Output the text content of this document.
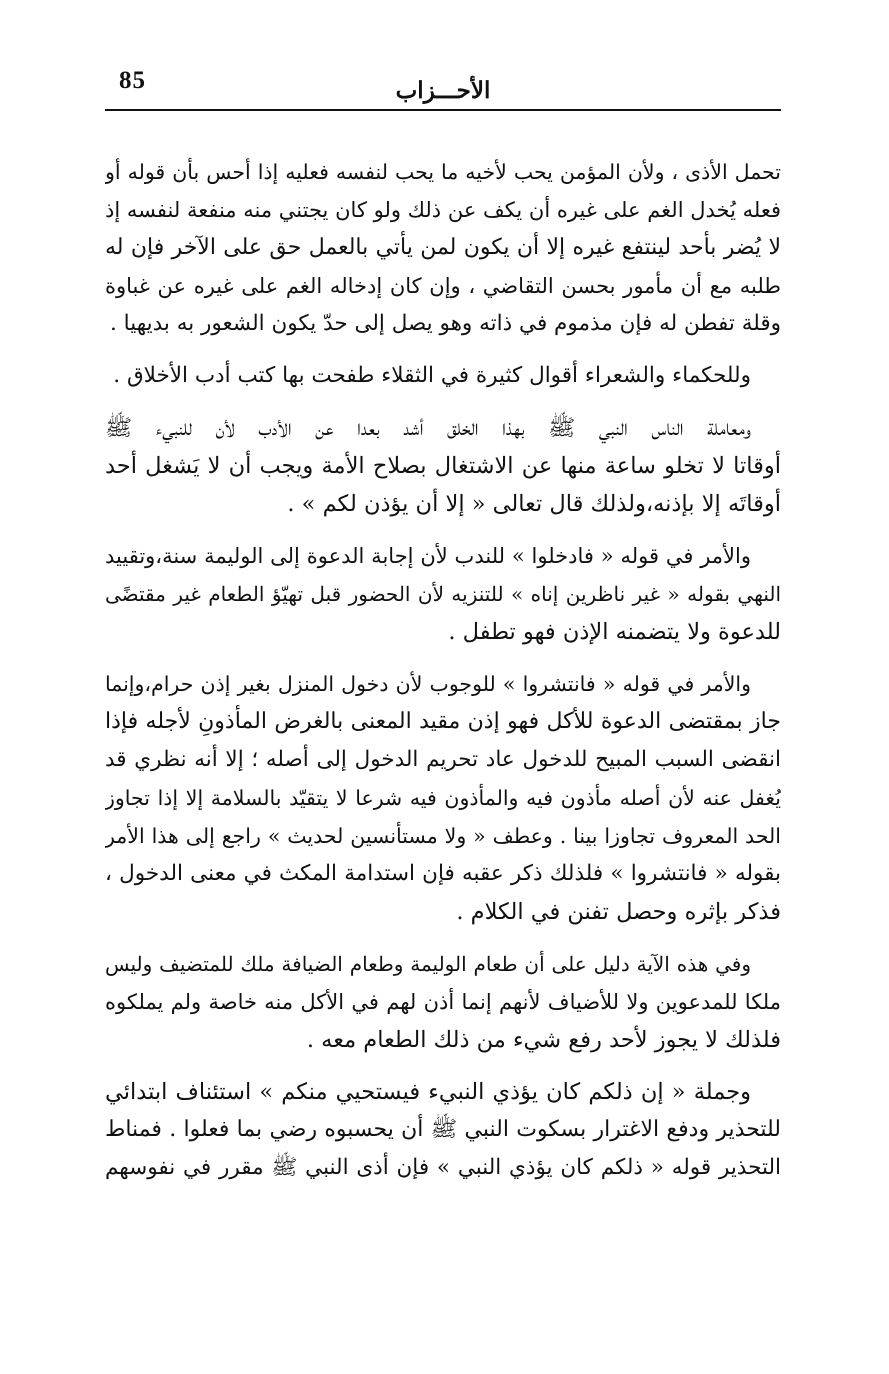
85	الأحـــزاب

تحمل الأذى ، ولأن المؤمن يحب لأخيه ما يحب لنفسه فعليه إذا أحس بأن قوله أو

فعله يُخدل الغم على غيره أن يكف عن ذلك ولو كان يجتني منه منفعة لنفسه إذ

لا يُضر بأحد لينتفع غيره إلا أن يكون لمن يأتي بالعمل حق على الآخر فإن له

طلبه مع أن مأمور بحسن التقاضي ، وإن كان إدخاله الغم على غيره عن غباوة

وقلة تفطن له فإن مذموم في ذاته وهو يصل إلى حدّ يكون الشعور به بديهيا .

وللحكماء والشعراء أقوال كثيرة في الثقلاء طفحت بها كتب أدب الأخلاق .

ومعاملة الناس النبي ﷺ بهذا الخلق أشد بعدا عن الأدب لأن للنبيء ﷺ

أوقاتا لا تخلو ساعة منها عن الاشتغال بصلاح الأمة ويجب أن لا يَشغل أحد

أوقاتَه إلا بإذنه،ولذلك قال تعالى « إلا أن يؤذن لكم » .

والأمر في قوله « فادخلوا » للندب لأن إجابة الدعوة إلى الوليمة سنة،وتقييد

النهي بقوله « غير ناظرين إناه » للتنزيه لأن الحضور قبل تهيّؤ الطعام غير مقتضًى

للدعوة ولا يتضمنه الإذن فهو تطفل .

والأمر في قوله « فانتشروا » للوجوب لأن دخول المنزل بغير إذن حرام،وإنما

جاز بمقتضى الدعوة للأكل فهو إذن مقيد المعنى بالغرض المأذونِ لأجله فإذا

انقضى السبب المبيح للدخول عاد تحريم الدخول إلى أصله ؛ إلا أنه نظري قد

يُغفل عنه لأن أصله مأذون فيه والمأذون فيه شرعا لا يتقيّد بالسلامة إلا إذا تجاوز

الحد المعروف تجاوزا بينا . وعطف « ولا مستأنسين لحديث » راجع إلى هذا الأمر

بقوله « فانتشروا » فلذلك ذكر عقبه فإن استدامة المكث في معنى الدخول ،

فذكر بإثره وحصل تفنن في الكلام .

وفي هذه الآية دليل على أن طعام الوليمة وطعام الضيافة ملك للمتضيف وليس

ملكا للمدعوين ولا للأضياف لأنهم إنما أذن لهم في الأكل منه خاصة ولم يملكوه

فلذلك لا يجوز لأحد رفع شيء من ذلك الطعام معه .

وجملة « إن ذلكم كان يؤذي النبيء فيستحيي منكم » استئناف ابتدائي

للتحذير ودفع الاغترار بسكوت النبي ﷺ أن يحسبوه رضي بما فعلوا . فمناط

التحذير قوله « ذلكم كان يؤذي النبي » فإن أذى النبي ﷺ مقرر في نفوسهم
